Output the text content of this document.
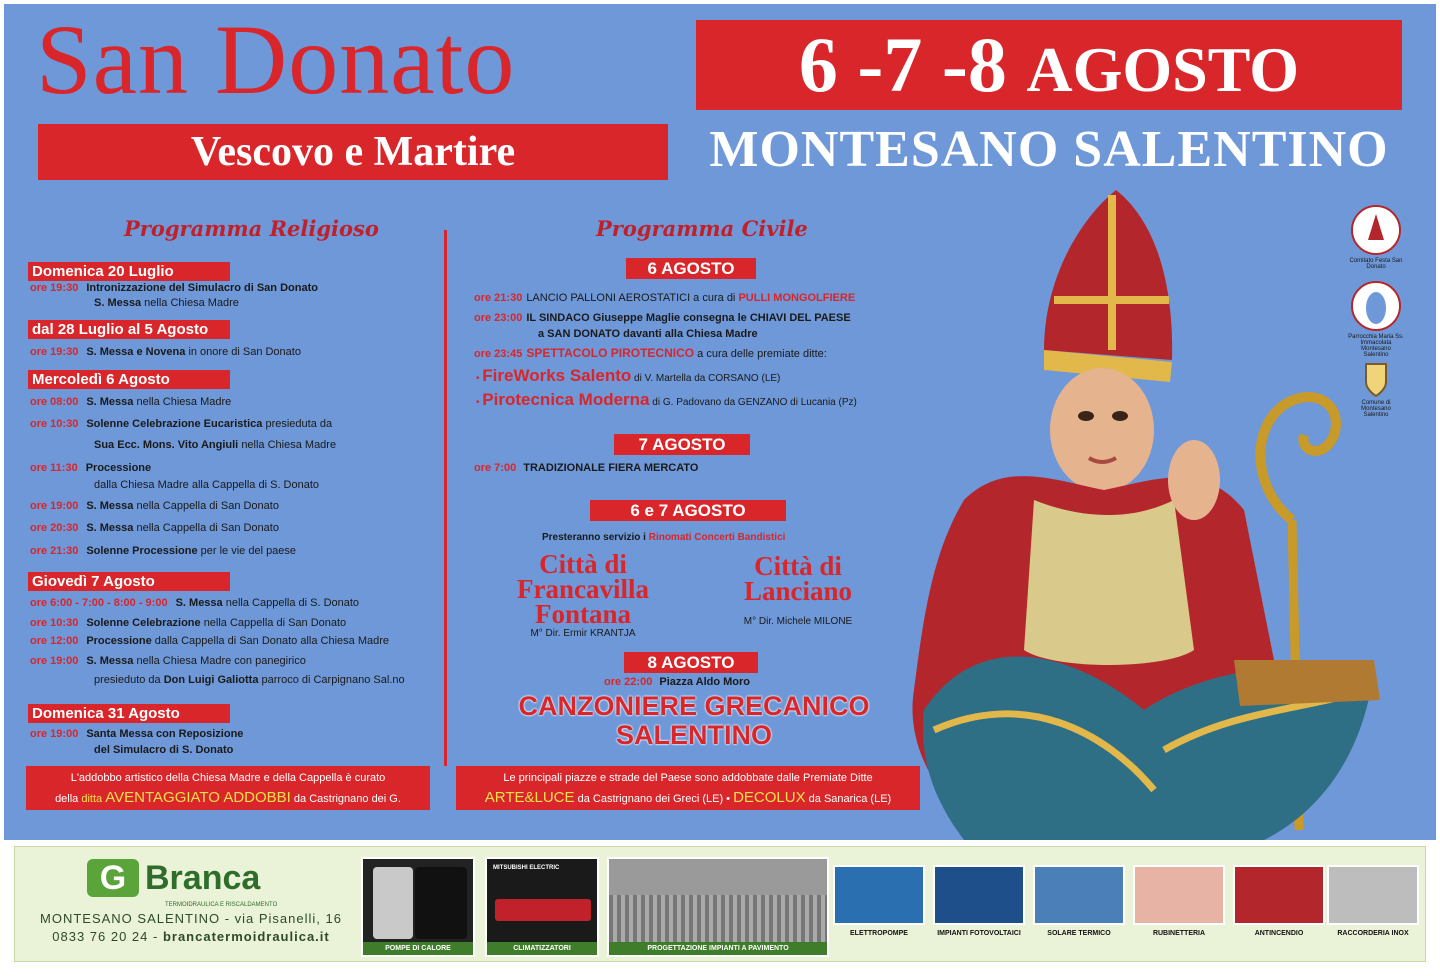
San Donato
Vescovo e Martire
6 -7 -8 AGOSTO
MONTESANO SALENTINO
Programma Religioso
Domenica 20 Luglio
ore 19:30 Intronizzazione del Simulacro di San Donato
S. Messa nella Chiesa Madre
dal 28 Luglio al 5 Agosto
ore 19:30 S. Messa e Novena in onore di San Donato
Mercoledì 6 Agosto
ore 08:00 S. Messa nella Chiesa Madre
ore 10:30 Solenne Celebrazione Eucaristica presieduta da
Sua Ecc. Mons. Vito Angiuli nella Chiesa Madre
ore 11:30 Processione
dalla Chiesa Madre alla Cappella di S. Donato
ore 19:00 S. Messa nella Cappella di San Donato
ore 20:30 S. Messa nella Cappella di San Donato
ore 21:30 Solenne Processione per le vie del paese
Giovedì 7 Agosto
ore 6:00 - 7:00 - 8:00 - 9:00 S. Messa nella Cappella di S. Donato
ore 10:30 Solenne Celebrazione nella Cappella di San Donato
ore 12:00 Processione dalla Cappella di San Donato alla Chiesa Madre
ore 19:00 S. Messa nella Chiesa Madre con panegirico
presieduto da Don Luigi Galiotta parroco di Carpignano Sal.no
Domenica 31 Agosto
ore 19:00 Santa Messa con Reposizione
del Simulacro di S. Donato
Programma Civile
6 AGOSTO
ore 21:30 LANCIO PALLONI AEROSTATICI a cura di PULLI MONGOLFIERE
ore 23:00 IL SINDACO Giuseppe Maglie consegna le CHIAVI DEL PAESE
a SAN DONATO davanti alla Chiesa Madre
ore 23:45 SPETTACOLO PIROTECNICO a cura delle premiate ditte:
• FireWorks Salento di V. Martella da CORSANO (LE)
• Pirotecnica Moderna di G. Padovano da GENZANO di Lucania (Pz)
7 AGOSTO
ore 7:00 TRADIZIONALE FIERA MERCATO
6 e 7 AGOSTO
Presteranno servizio i Rinomati Concerti Bandistici
Città di Francavilla Fontana
M° Dir. Ermir KRANTJA
Città di Lanciano
M° Dir. Michele MILONE
8 AGOSTO
ore 22:00 Piazza Aldo Moro
CANZONIERE GRECANICO
SALENTINO
L'addobbo artistico della Chiesa Madre e della Cappella è curato
della ditta AVENTAGGIATO ADDOBBI da Castrignano dei G.
Le principali piazze e strade del Paese sono addobbate dalle Premiate Ditte
ARTE&LUCE da Castrignano dei Greci (LE) • DECOLUX da Sanarica (LE)
Comitato Festa San Donato
Parrocchia Maria Ss. Immacolata Montesano Salentino
Comune di Montesano Salentino
G Branca
TERMOIDRAULICA E RISCALDAMENTO
MONTESANO SALENTINO - via Pisanelli, 16
0833 76 20 24 - brancatermoidraulica.it
POMPE DI CALORE
MITSUBISHI ELECTRIC
CLIMATIZZATORI	PROGETTAZIONE IMPIANTI A PAVIMENTO
ELETTROPOMPE	IMPIANTI FOTOVOLTAICI	SOLARE TERMICO	RUBINETTERIA	ANTINCENDIO	RACCORDERIA INOX
